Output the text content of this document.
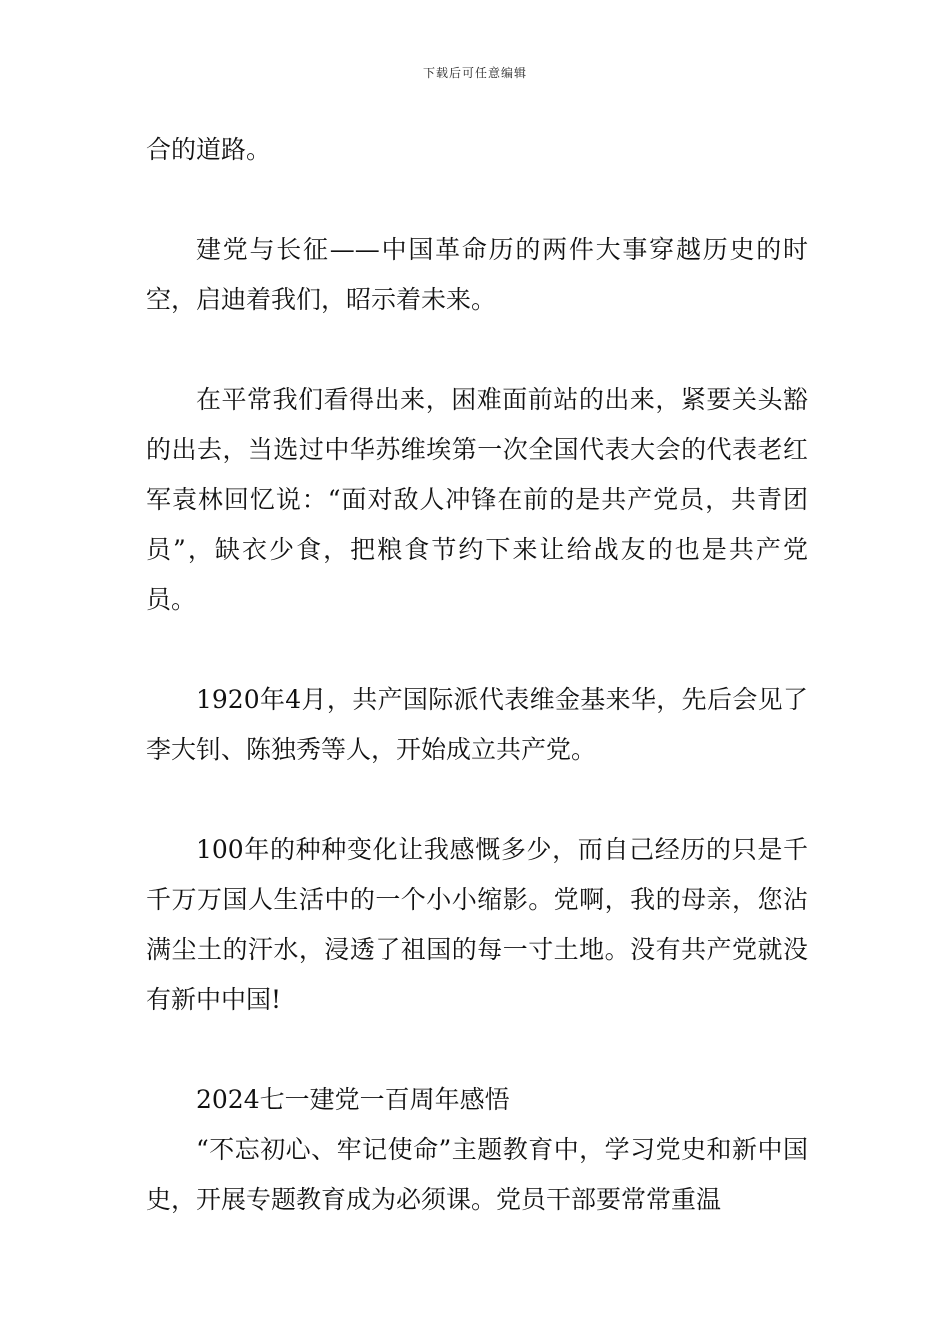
下载后可任意编辑

合的道路。

建党与长征——中国革命历的两件大事穿越历史的时空，启迪着我们，昭示着未来。

在平常我们看得出来，困难面前站的出来，紧要关头豁的出去，当选过中华苏维埃第一次全国代表大会的代表老红军袁林回忆说：“面对敌人冲锋在前的是共产党员，共青团员”，缺衣少食，把粮食节约下来让给战友的也是共产党员。

1920年4月，共产国际派代表维金基来华，先后会见了李大钊、陈独秀等人，开始成立共产党。

100年的种种变化让我感慨多少，而自己经历的只是千千万万国人生活中的一个小小缩影。党啊，我的母亲，您沾满尘土的汗水，浸透了祖国的每一寸土地。没有共产党就没有新中中国!

2024七一建党一百周年感悟

“不忘初心、牢记使命”主题教育中，学习党史和新中国史，开展专题教育成为必须课。党员干部要常常重温
